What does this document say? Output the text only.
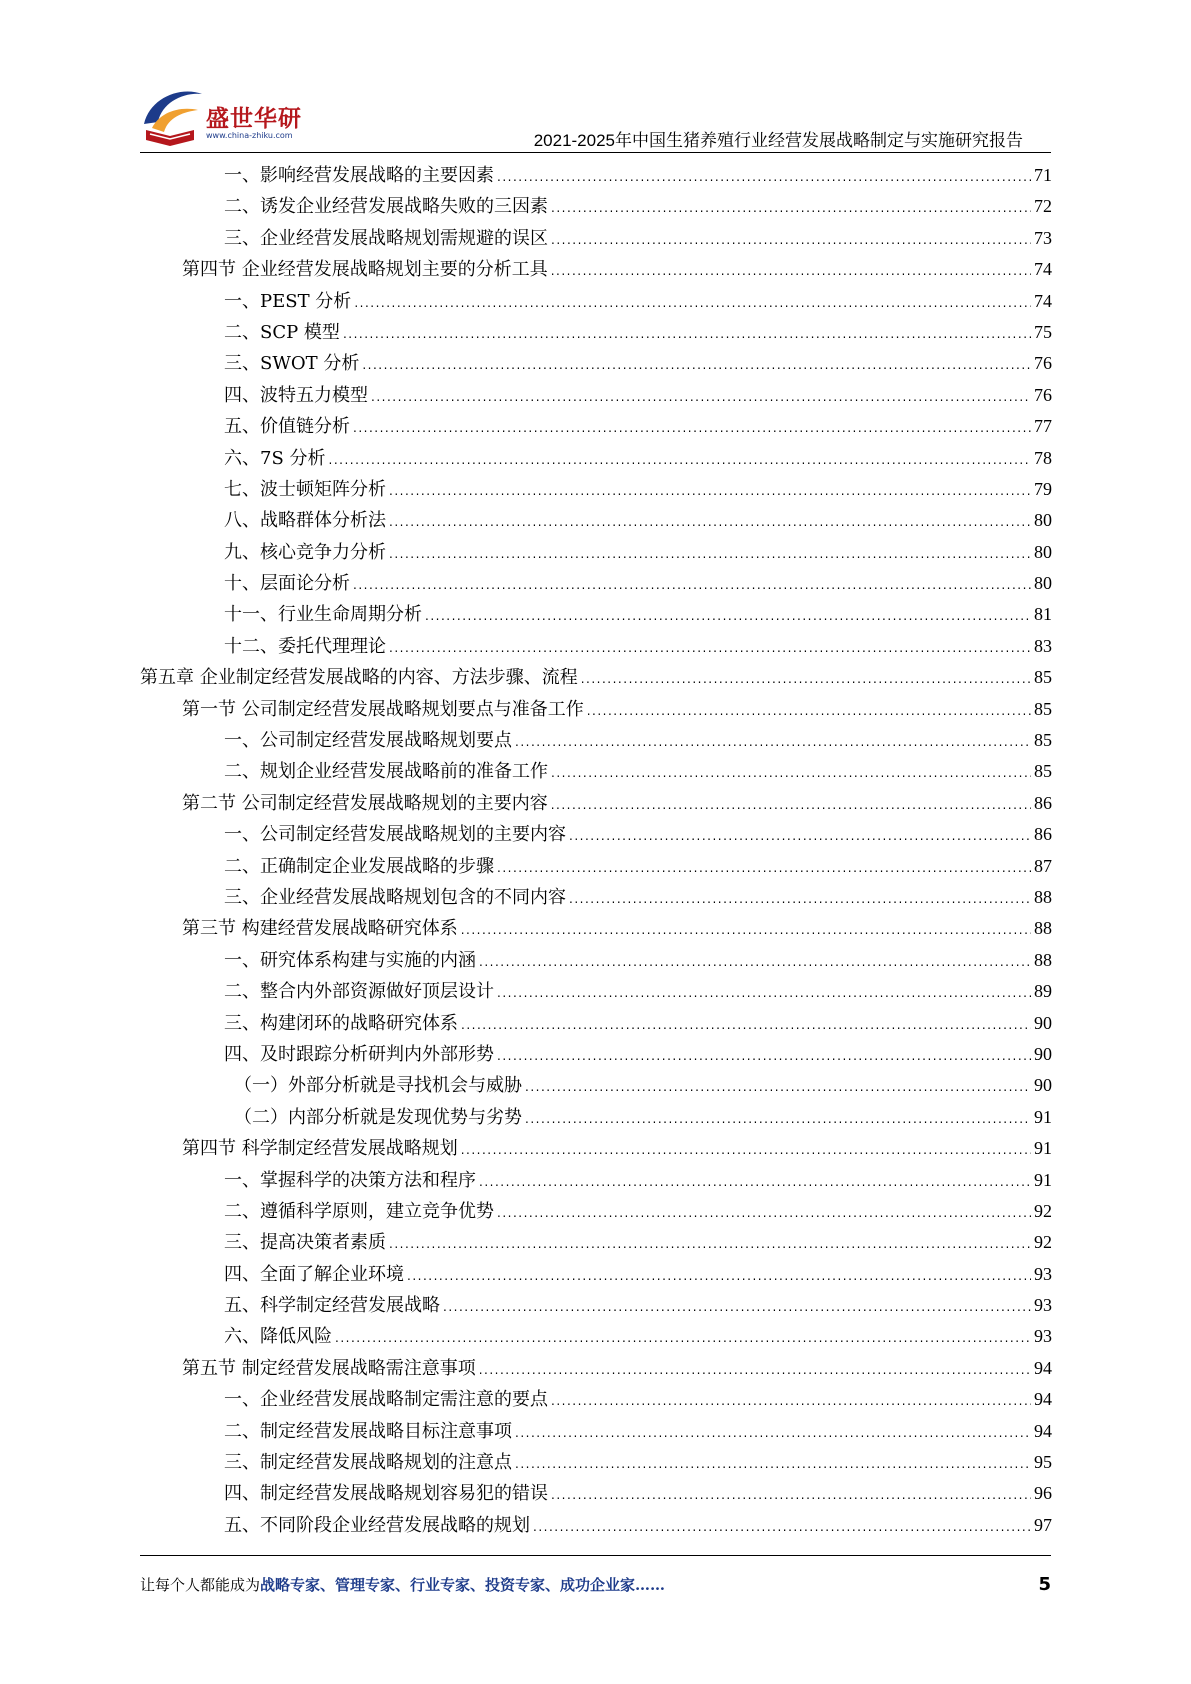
盛世华研
www.china-zhiku.com	2021-2025年中国生猪养殖行业经营发展战略制定与实施研究报告
一、影响经营发展战略的主要因素 .....	71
二、诱发企业经营发展战略失败的三因素 .....	72
三、企业经营发展战略规划需规避的误区 .....	73
第四节 企业经营发展战略规划主要的分析工具 .....	74
一、PEST 分析 .....	74
二、SCP 模型 .....	75
三、SWOT 分析 .....	76
四、波特五力模型 .....	76
五、价值链分析 .....	77
六、7S 分析 .....	78
七、波士顿矩阵分析 .....	79
八、战略群体分析法 .....	80
九、核心竞争力分析 .....	80
十、层面论分析 .....	80
十一、行业生命周期分析 .....	81
十二、委托代理理论 .....	83
第五章 企业制定经营发展战略的内容、方法步骤、流程 .....	85
第一节 公司制定经营发展战略规划要点与准备工作 .....	85
一、公司制定经营发展战略规划要点 .....	85
二、规划企业经营发展战略前的准备工作 .....	85
第二节 公司制定经营发展战略规划的主要内容 .....	86
一、公司制定经营发展战略规划的主要内容 .....	86
二、正确制定企业发展战略的步骤 .....	87
三、企业经营发展战略规划包含的不同内容 .....	88
第三节 构建经营发展战略研究体系 .....	88
一、研究体系构建与实施的内涵 .....	88
二、整合内外部资源做好顶层设计 .....	89
三、构建闭环的战略研究体系 .....	90
四、及时跟踪分析研判内外部形势 .....	90
（一）外部分析就是寻找机会与威胁 .....	90
（二）内部分析就是发现优势与劣势 .....	91
第四节 科学制定经营发展战略规划 .....	91
一、掌握科学的决策方法和程序 .....	91
二、遵循科学原则，建立竞争优势 .....	92
三、提高决策者素质 .....	92
四、全面了解企业环境 .....	93
五、科学制定经营发展战略 .....	93
六、降低风险 .....	93
第五节 制定经营发展战略需注意事项 .....	94
一、企业经营发展战略制定需注意的要点 .....	94
二、制定经营发展战略目标注意事项 .....	94
三、制定经营发展战略规划的注意点 .....	95
四、制定经营发展战略规划容易犯的错误 .....	96
五、不同阶段企业经营发展战略的规划 .....	97
让每个人都能成为战略专家、管理专家、行业专家、投资专家、成功企业家……	5
